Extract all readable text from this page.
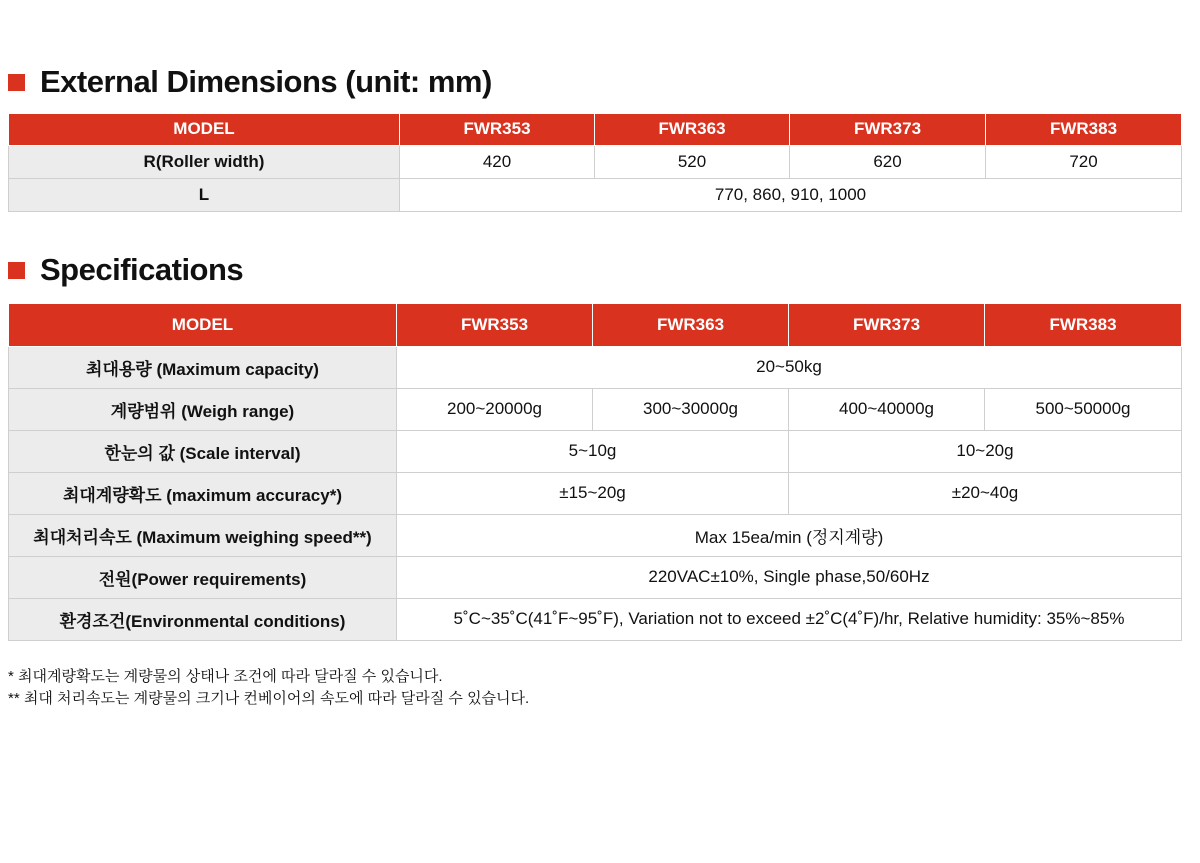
External Dimensions (unit: mm)
MODEL	FWR353	FWR363	FWR373	FWR383
R(Roller width)	420	520	620	720
L	770, 860, 910, 1000			
Specifications
MODEL	FWR353	FWR363	FWR373	FWR383
최대용량 (Maximum capacity)	20~50kg			
계량범위 (Weigh range)	200~20000g	300~30000g	400~40000g	500~50000g
한눈의 값 (Scale interval)	5~10g		10~20g	
최대계량확도 (maximum accuracy*)	±15~20g		±20~40g	
최대처리속도 (Maximum weighing speed**)	Max 15ea/min (정지계량)			
전원(Power requirements)	220VAC±10%, Single phase,50/60Hz			
환경조건(Environmental conditions)	5˚C~35˚C(41˚F~95˚F), Variation not to exceed ±2˚C(4˚F)/hr, Relative humidity: 35%~85%			
* 최대계량확도는 계량물의 상태나 조건에 따라 달라질 수 있습니다.
** 최대 처리속도는 계량물의 크기나 컨베이어의 속도에 따라 달라질 수 있습니다.
